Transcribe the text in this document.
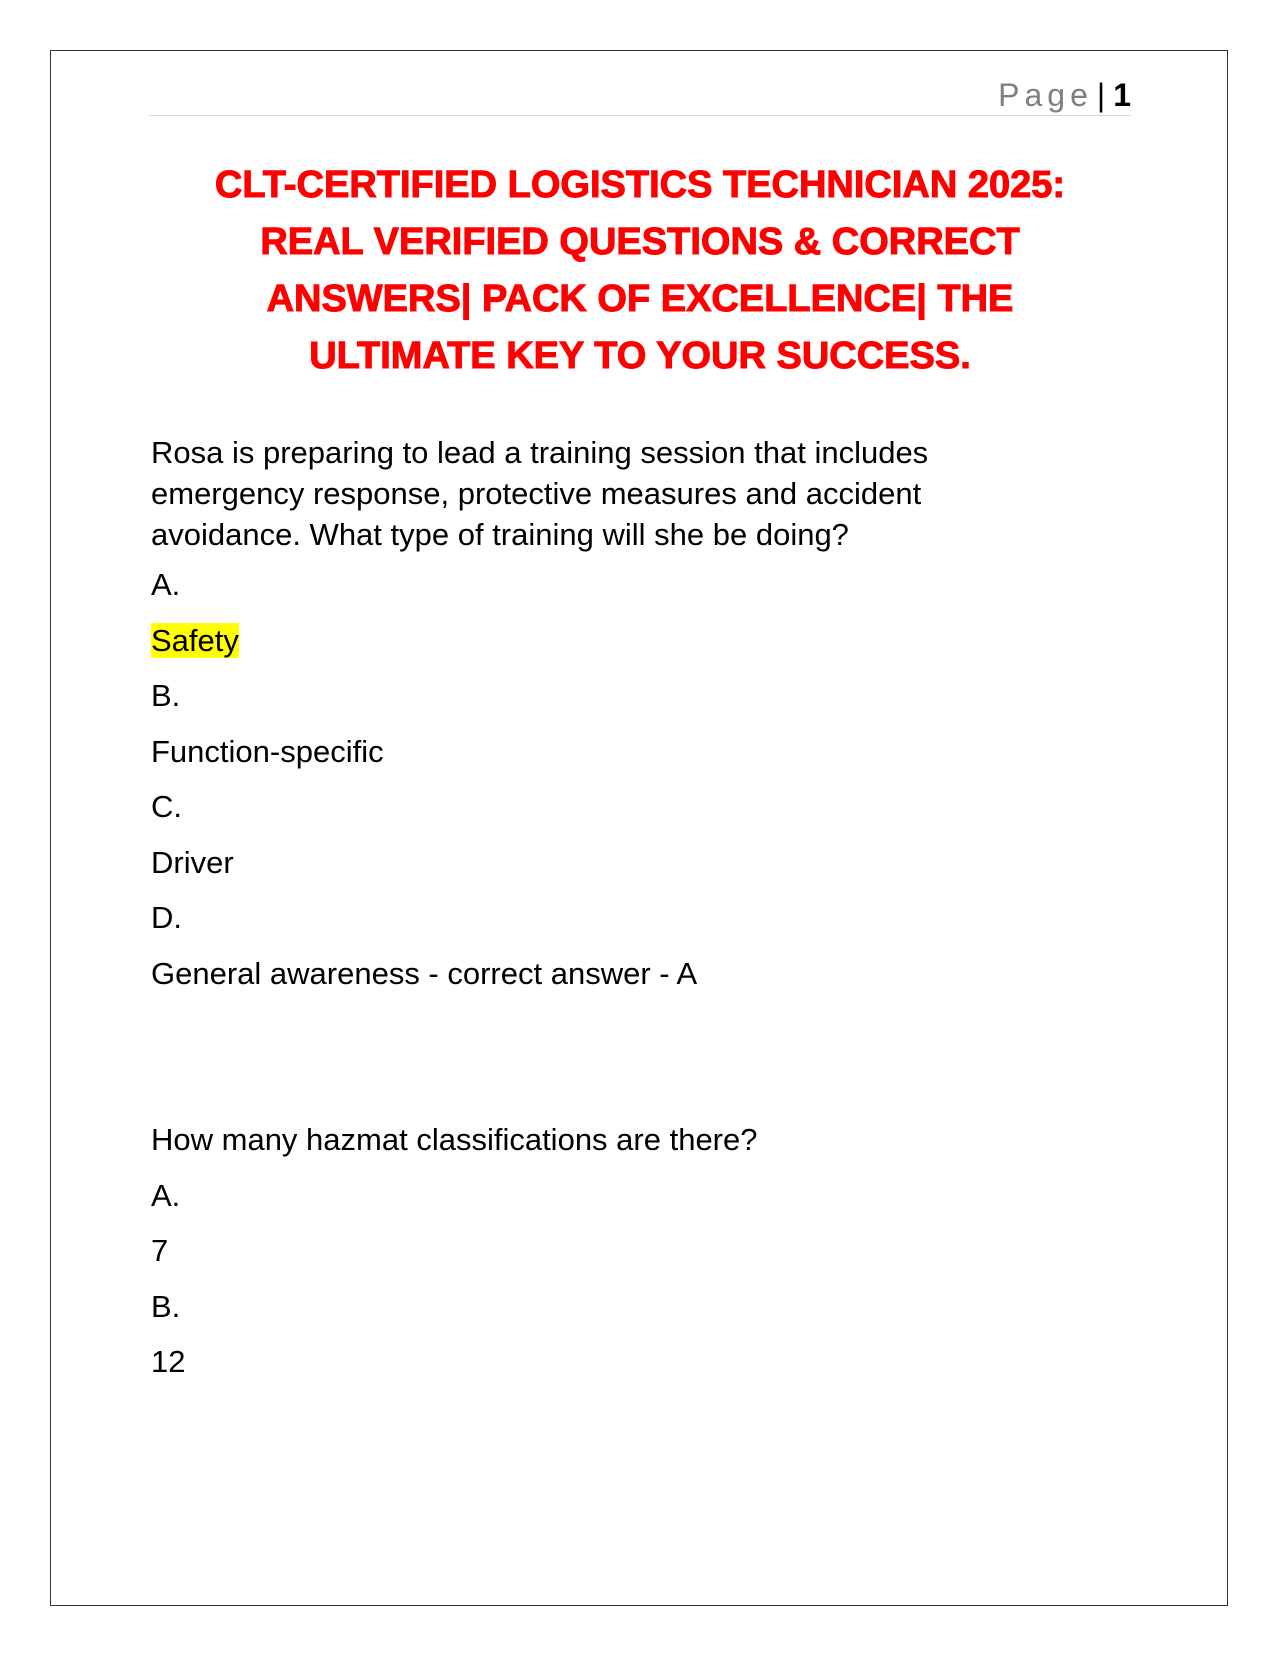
Page | 1
CLT-CERTIFIED LOGISTICS TECHNICIAN 2025:
REAL VERIFIED QUESTIONS & CORRECT
ANSWERS| PACK OF EXCELLENCE| THE
ULTIMATE KEY TO YOUR SUCCESS.

Rosa is preparing to lead a training session that includes emergency response, protective measures and accident avoidance. What type of training will she be doing?

A.

Safety

B.

Function-specific

C.

Driver

D.

General awareness - correct answer - A

How many hazmat classifications are there?

A.

7

B.

12
